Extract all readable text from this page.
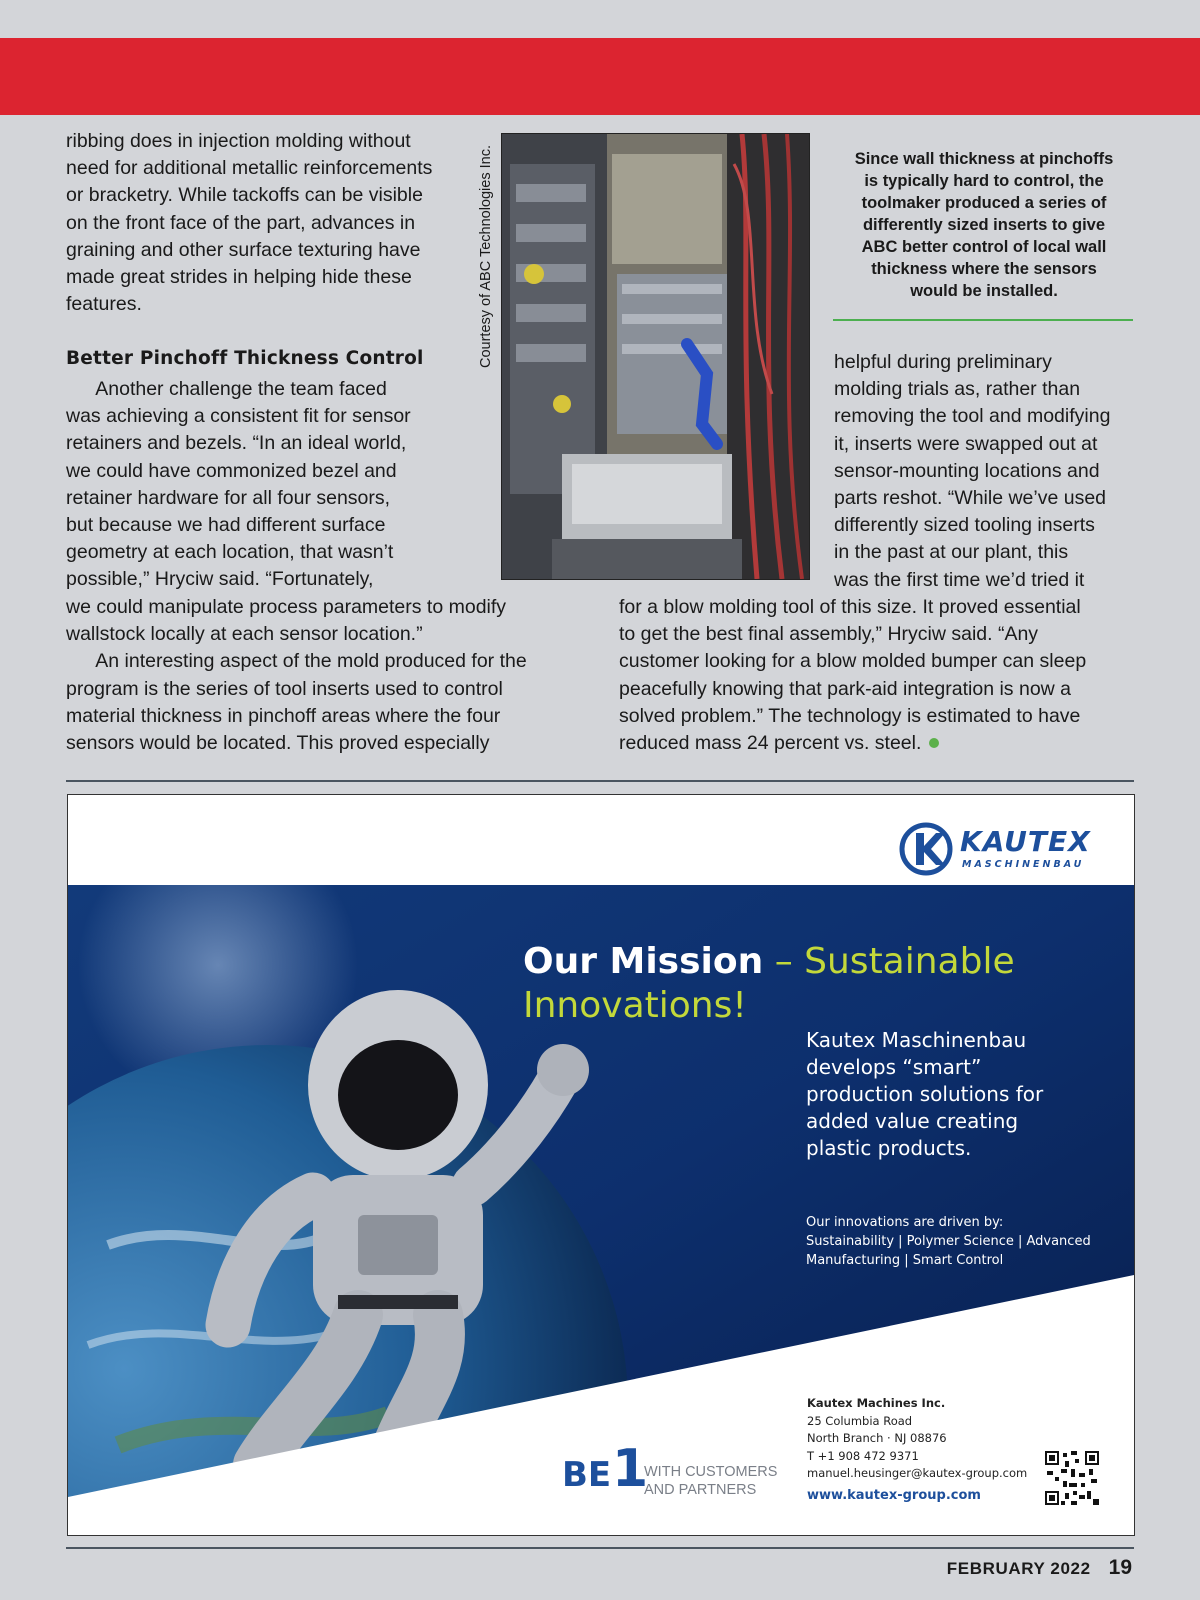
ribbing does in injection molding without
need for additional metallic reinforcements
or bracketry. While tackoffs can be visible
on the front face of the part, advances in
graining and other surface texturing have
made great strides in helping hide these
features.
Better Pinchoff Thickness Control
  Another challenge the team faced
was achieving a consistent fit for sensor
retainers and bezels. “In an ideal world,
we could have commonized bezel and
retainer hardware for all four sensors,
but because we had different surface
geometry at each location, that wasn’t
possible,” Hryciw said. “Fortunately,
we could manipulate process parameters to modify
wallstock locally at each sensor location.”
  An interesting aspect of the mold produced for the
program is the series of tool inserts used to control
material thickness in pinchoff areas where the four
sensors would be located. This proved especially
Courtesy of ABC Technologies Inc.	Since wall thickness at pinchoffs
is typically hard to control, the
toolmaker produced a series of
differently sized inserts to give
ABC better control of local wall
thickness where the sensors
would be installed.
helpful during preliminary
molding trials as, rather than
removing the tool and modifying
it, inserts were swapped out at
sensor-mounting locations and
parts reshot. “While we’ve used
differently sized tooling inserts
in the past at our plant, this
was the first time we’d tried it
for a blow molding tool of this size. It proved essential
to get the best final assembly,” Hryciw said. “Any
customer looking for a blow molded bumper can sleep
peacefully knowing that park-aid integration is now a
solved problem.” The technology is estimated to have
reduced mass 24 percent vs. steel.
KAUTEX
MASCHINENBAU
Our Mission – Sustainable
Innovations!
Kautex Maschinenbau
develops “smart”
production solutions for
added value creating
plastic products.
Our innovations are driven by:
Sustainability | Polymer Science | Advanced
Manufacturing | Smart Control
BE 1
WITH CUSTOMERS
AND PARTNERS
Kautex Machines Inc.
25 Columbia Road
North Branch · NJ 08876
T +1 908 472 9371
manuel.heusinger@kautex-group.com
www.kautex-group.com
FEBRUARY 2022 19
